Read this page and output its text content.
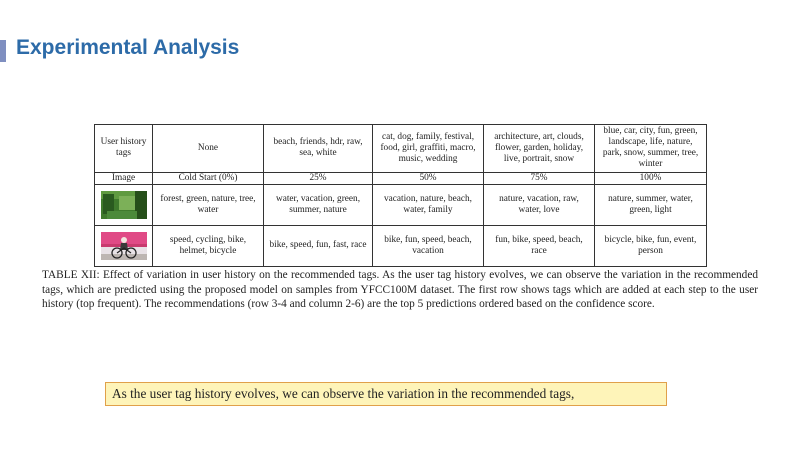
Experimental Analysis
User history tags	None	beach, friends, hdr, raw, sea, white	cat, dog, family, festival, food, girl, graffiti, macro, music, wedding	architecture, art, clouds, flower, garden, holiday, live, portrait, snow	blue, car, city, fun, green, landscape, life, nature, park, snow, summer, tree, winter
Image	Cold Start (0%)	25%	50%	75%	100%

	forest, green, nature, tree, water	water, vacation, green, summer, nature	vacation, nature, beach, water, family	nature, vacation, raw, water, love	nature, summer, water, green, light

	speed, cycling, bike, helmet, bicycle	bike, speed, fun, fast, race	bike, fun, speed, beach, vacation	fun, bike, speed, beach, race	bicycle, bike, fun, event, person

TABLE XII: Effect of variation in user history on the recommended tags. As the user tag history evolves, we can observe the variation in the recommended tags, which are predicted using the proposed model on samples from YFCC100M dataset. The first row shows tags which are added at each step to the user history (top frequent). The recommendations (row 3-4 and column 2-6) are the top 5 predictions ordered based on the confidence score.

As the user tag history evolves, we can observe the variation in the recommended tags,
